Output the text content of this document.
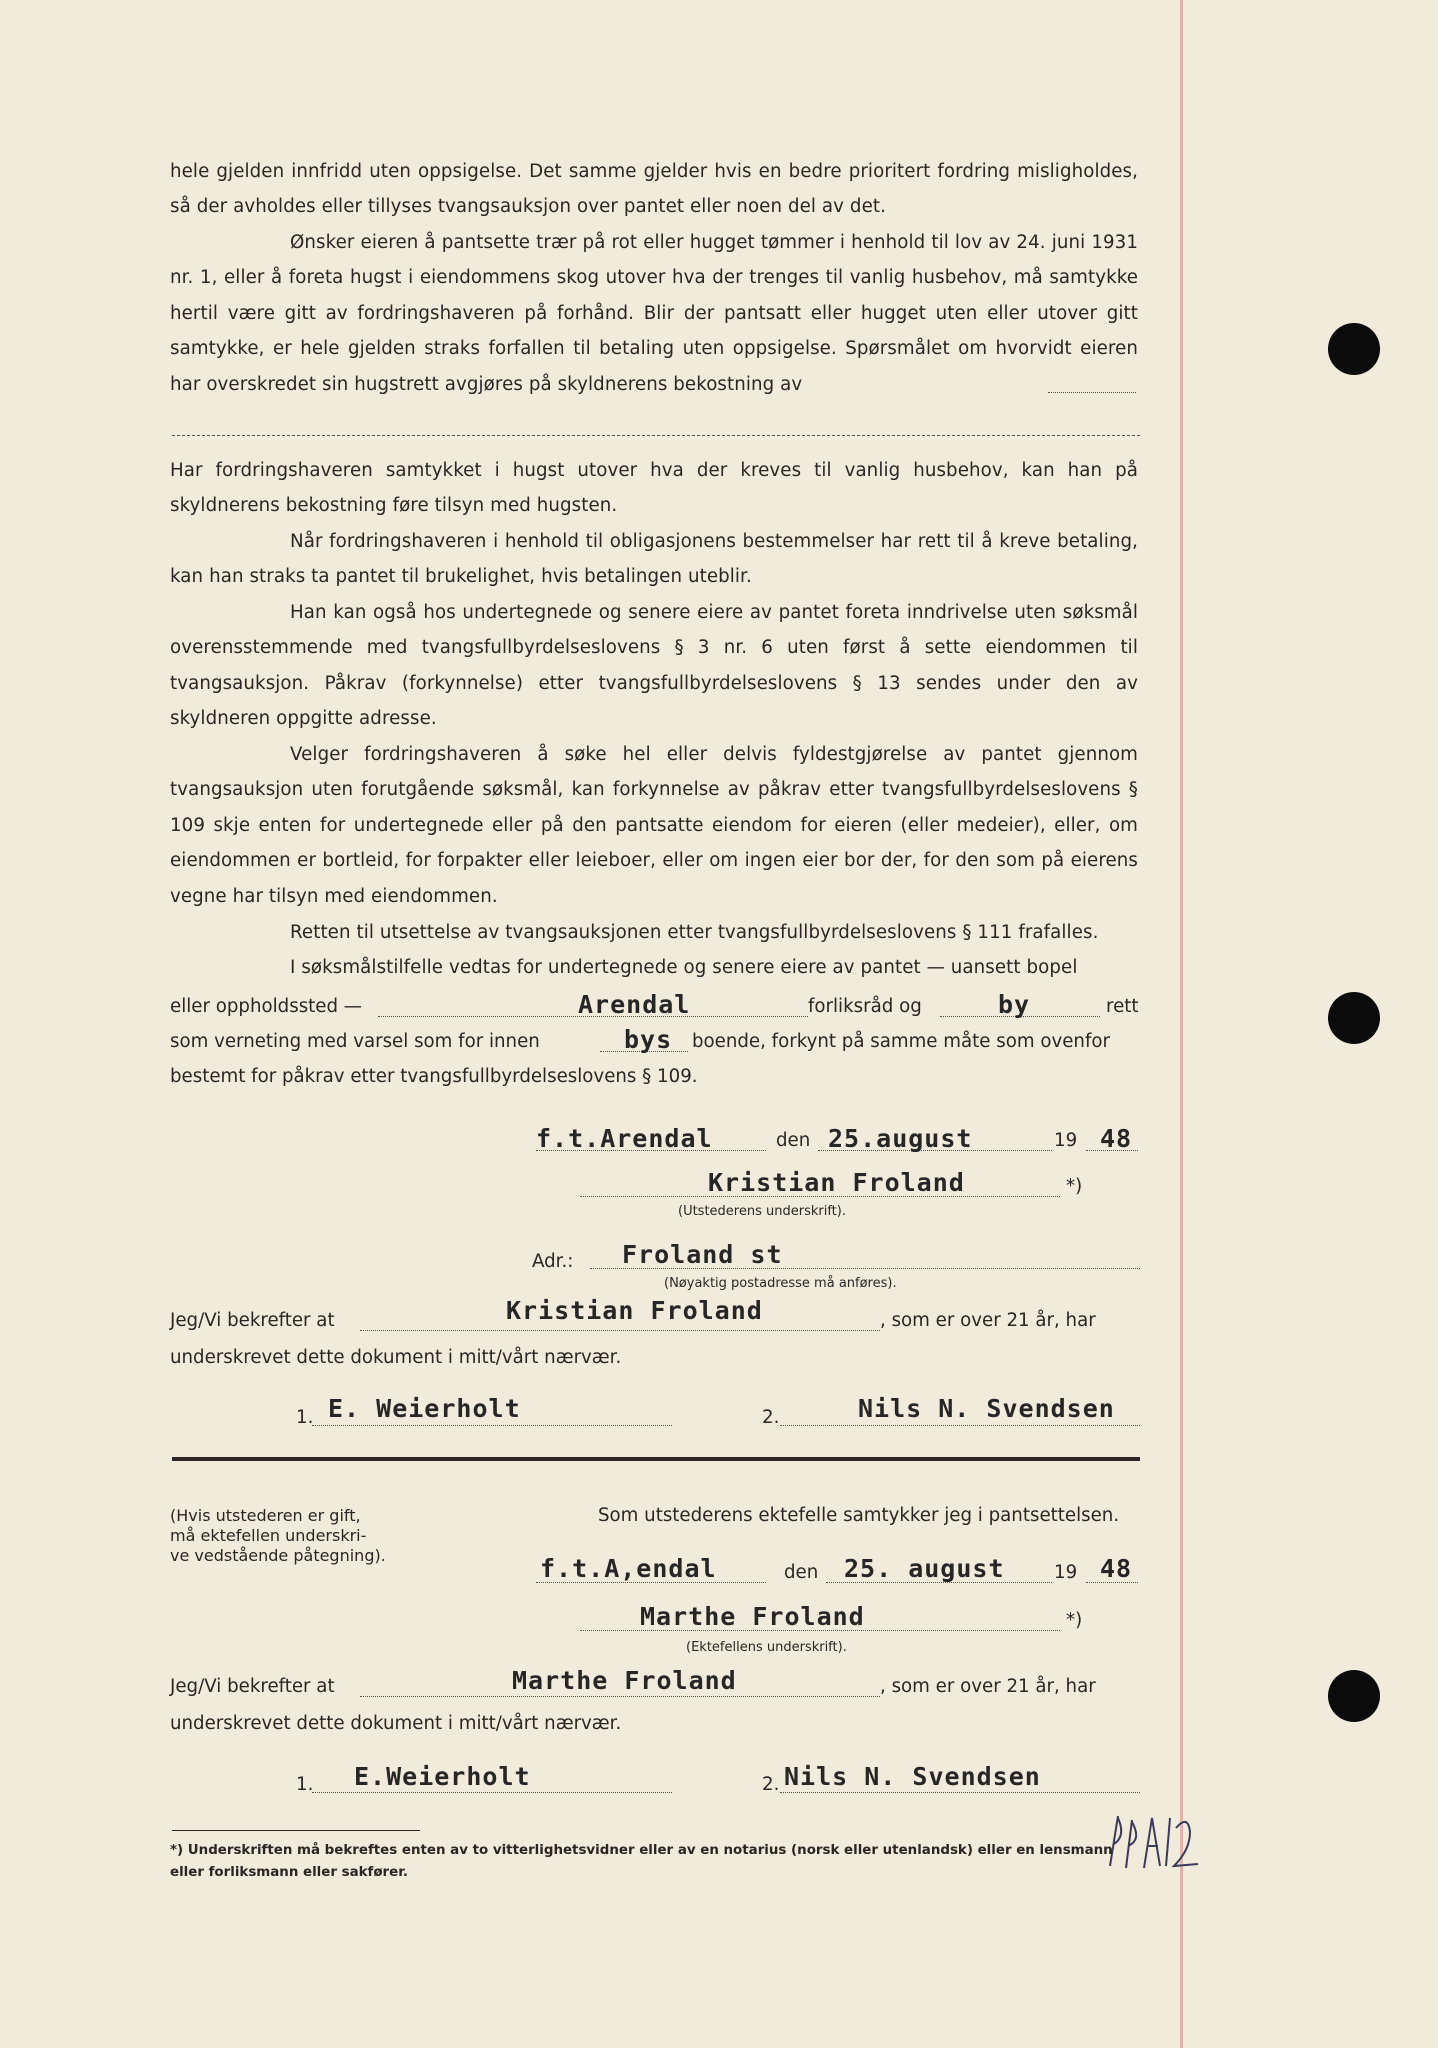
hele gjelden innfridd uten oppsigelse. Det samme gjelder hvis en bedre prioritert fordring misligholdes, så der avholdes eller tillyses tvangsauksjon over pantet eller noen del av det.
Ønsker eieren å pantsette trær på rot eller hugget tømmer i henhold til lov av 24. juni 1931 nr. 1, eller å foreta hugst i eiendommens skog utover hva der trenges til vanlig husbehov, må samtykke hertil være gitt av fordringshaveren på forhånd. Blir der pantsatt eller hugget uten eller utover gitt samtykke, er hele gjelden straks forfallen til betaling uten oppsigelse. Spørsmålet om hvorvidt eieren har overskredet sin hugstrett avgjøres på skyldnerens bekostning av
Har fordringshaveren samtykket i hugst utover hva der kreves til vanlig husbehov, kan han på skyldnerens bekostning føre tilsyn med hugsten.
Når fordringshaveren i henhold til obligasjonens bestemmelser har rett til å kreve betaling, kan han straks ta pantet til brukelighet, hvis betalingen uteblir.
Han kan også hos undertegnede og senere eiere av pantet foreta inndrivelse uten søksmål overensstemmende med tvangsfullbyrdelseslovens § 3 nr. 6 uten først å sette eiendommen til tvangsauksjon. Påkrav (forkynnelse) etter tvangsfullbyrdelseslovens § 13 sendes under den av skyldneren oppgitte adresse.
Velger fordringshaveren å søke hel eller delvis fyldestgjørelse av pantet gjennom tvangsauksjon uten forutgående søksmål, kan forkynnelse av påkrav etter tvangsfullbyrdelseslovens § 109 skje enten for undertegnede eller på den pantsatte eiendom for eieren (eller medeier), eller, om eiendommen er bortleid, for forpakter eller leieboer, eller om ingen eier bor der, for den som på eierens vegne har tilsyn med eiendommen.
Retten til utsettelse av tvangsauksjonen etter tvangsfullbyrdelseslovens § 111 frafalles.
I søksmålstilfelle vedtas for undertegnede og senere eiere av pantet — uansett bopel
eller oppholdssted —	Arendal	forliksråd og	by	rett
som verneting med varsel som for innen	bys boende, forkynt på samme måte som ovenfor
bestemt for påkrav etter tvangsfullbyrdelseslovens § 109.
f.t.Arendal	den 25.august	19 48
Kristian Froland	*)
(Utstederens underskrift).
Adr.: Froland st
(Nøyaktig postadresse må anføres).
Jeg/Vi bekrefter at	Kristian Froland	, som er over 21 år, har
underskrevet dette dokument i mitt/vårt nærvær.
1. E. Weierholt	2.	Nils N. Svendsen
(Hvis utstederen er gift,
må ektefellen underskri-
ve vedstående påtegning).
Som utstederens ektefelle samtykker jeg i pantsettelsen.
f.t.A,endal	den 25. august	19 48
Marthe Froland	*)
(Ektefellens underskrift).
Jeg/Vi bekrefter at	Marthe Froland	, som er over 21 år, har
underskrevet dette dokument i mitt/vårt nærvær.
1. E.Weierholt	2. Nils N. Svendsen
*) Underskriften må bekreftes enten av to vitterlighetsvidner eller av en notarius (norsk eller utenlandsk) eller en lensmann eller forliksmann eller sakfører.
